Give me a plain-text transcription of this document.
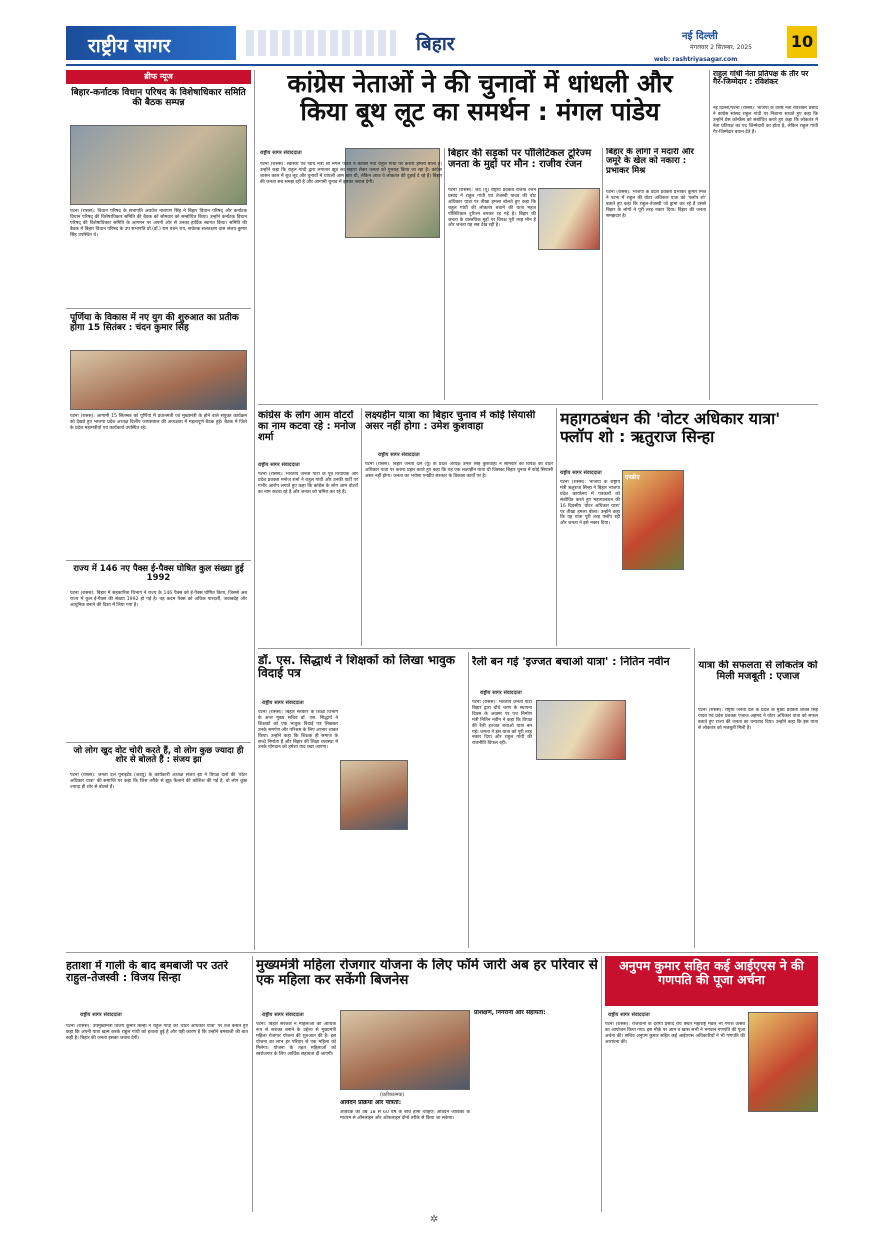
राष्ट्रीय सागर	बिहार	नई दिल्ली
मंगलवार 2 सितम्बर, 2025 10
web: rashtriyasagar.com
ब्रीफ न्यूज
बिहार-कर्नाटक विधान परिषद के विशेषाधिकार समिति की बैठक सम्पन्न
पटना (रासस): विधान परिषद के सभापति अवधेश नारायण सिंह ने बिहार विधान परिषद् और कर्नाटक विधान परिषद् की विशेषाधिकार समिति की बैठक को सोमवार को सम्बोधित किया। उन्होंने कर्नाटक विधान परिषद् की विशेषाधिकार समिति के आगमन पर अपनी ओर से उनका हार्दिक स्वागत किया। समिति की बैठक में बिहार विधान परिषद के उप सभापति प्रो.(डॉ.) राम वचन राय, सचेतक सलतक्षण दास संजय कुमार सिंह उपस्थित थे।
पूर्णिया के विकास में नए युग की शुरुआत का प्रतीक होगा 15 सितंबर : चंदन कुमार सिंह
पटना (रासस): आगामी 15 सितम्बर को पूर्णिया में प्रधानमंत्री एवं मुख्यमंत्री के होने वाले संयुक्त कार्यक्रम को देखते हुए भाजपा प्रदेश अध्यक्ष दिलीप जायसवाल की अध्यक्षता में महत्वपूर्ण बैठक हुई। बैठक में ज़िले के प्रदेश महामंत्रीयों एवं कार्यकर्ता उपस्थित रहे।
राज्य में 146 नए पैक्स ई-पैक्स घोषित कुल संख्या हुई 1992
पटना (रासस): बिहार में सहकारिता विभाग ने राज्य के 146 पैक्स को ई-पैक्स घोषित किया, जिससे अब राज्य में कुल ई-पैक्स की संख्या 1992 हो गई है। यह कदम पैक्स को अधिक पारदर्शी, जवाबदेह और आधुनिक बनाने की दिशा में लिया गया है।
जो लोग खुद वोट चोरी करते हैं, वो लोग कुछ ज्यादा ही शोर से बोलते हैं : संजय झा
पटना (रासस): जनता दल यूनाइटेड (जदयू) के कार्यकारी अध्यक्ष संजय झा ने विपक्ष दलों की 'वोटर अधिकार यात्रा' की समाप्ति पर कहा कि जिस तरीके से झूठ फैलाने की कोशिश की गई है, वो लोग कुछ ज्यादा ही शोर से बोलते हैं।
कांग्रेस नेताओं ने की चुनावों में धांधली और किया बूथ लूट का समर्थन : मंगल पांडेय
राष्ट्रीय सागर संवाददाता
पटना (रासस): स्वास्थ्य एवं विधि मंत्री श्री मंगल पांडेय ने कांग्रेस नेता राहुल गांधी पर करारा हमला बोला है। उन्होंने कहा कि राहुल गांधी द्वारा लगातार झूठ का सहारा लेकर जनता को गुमराह किया जा रहा है। कांग्रेस शासन काल में बूथ लूट और चुनावों में धांधली आम बात थी, लेकिन आज वे लोकतंत्र की दुहाई दे रहे हैं। बिहार की जनता सब समझ रही है और आगामी चुनाव में इसका जवाब देगी।
बिहार की सड़कों पर पॉलिटिकल टूरिज्म जनता के मुद्दों पर मौन : राजीव रंजन
पटना (रासस): जद (यू) राष्ट्रीय प्रवक्ता राजीव रंजन प्रसाद ने राहुल गांधी एवं तेजस्वी यादव की वोट अधिकार यात्रा पर तीखा हमला बोलते हुए कहा कि राहुल गांधी की लोकतंत्र बचाने की यात्रा महज पॉलिटिकल टूरिज्म बनकर रह गई है। बिहार की जनता के वास्तविक मुद्दों पर विपक्ष पूरी तरह मौन है और जनता यह सब देख रही है।
बिहार के लोगों ने मदारी और जमूरे के खेल को नकारा : प्रभाकर मिश्र
पटना (रासस): भाजपा के प्रदेश प्रवक्ता प्रभाकर कुमार मिश्र ने पटना में राहुल की वोटर अधिकार यात्रा को 'फ्लॉप शो' बताते हुए कहा कि राहुल-तेजस्वी जो ड्रामा कर रहे हैं उससे बिहार के लोगों ने पूरी तरह नकार दिया। बिहार की जनता समझदार है।
राहुल गांधी नेता प्रतिपक्ष के तौर पर गैर-जिम्मेदार : रविशंकर
नई दिल्ली/पटना (रासस): भाजपा के वरिष्ठ नेता रविशंकर प्रसाद ने कांग्रेस सांसद राहुल गांधी पर निशाना साधते हुए कहा कि उन्होंने प्रेस कॉन्फ्रेंस को संबोधित करते हुए कहा कि लोकतंत्र में नेता प्रतिपक्ष का पद जिम्मेदारी का होता है, लेकिन राहुल गांधी गैर-जिम्मेदार बयान देते हैं।
कांग्रेस के लोग आम वोटरों का नाम कटवा रहे : मनोज शर्मा
राष्ट्रीय सागर संवाददाता
पटना (रासस): भारतीय जनता पार्टी के पूर्व विधायक और प्रदेश प्रवक्ता मनोज शर्मा ने राहुल गांधी और उनकी पार्टी पर गंभीर आरोप लगाते हुए कहा कि कांग्रेस के लोग आम वोटरों का नाम कटवा रहे हैं और जनता को भ्रमित कर रहे हैं।
लक्ष्यहीन यात्रा का बिहार चुनाव में कोई सियासी असर नहीं होगा : उमेश कुशवाहा
राष्ट्रीय सागर संवाददाता
पटना (रासस): बिहार जनता दल (यू) के प्रदेश अध्यक्ष उमेश सिंह कुशवाहा ने सोमवार को विपक्ष की वोटर अधिकार यात्रा पर करारा प्रहार करते हुए कहा कि यह एक लक्ष्यहीन यात्रा थी जिसका बिहार चुनाव में कोई सियासी असर नहीं होगा। जनता का भरोसा एनडीए सरकार के विकास कार्यों पर है।
महागठबंधन की 'वोटर अधिकार यात्रा' फ्लॉप शो : ऋतुराज सिन्हा
राष्ट्रीय सागर संवाददाता
पटना (रासस): भाजपा के राष्ट्रीय मंत्री ऋतुराज सिन्हा ने बिहार भाजपा प्रदेश कार्यालय में पत्रकारों को संबोधित करते हुए महागठबंधन की 16 दिवसीय 'वोटर अधिकार यात्रा' पर तीखा हमला बोला। उन्होंने कहा कि यह यात्रा पूरी तरह फ्लॉप रही और जनता ने इसे नकार दिया।
एनडीए
डॉ. एस. सिद्धार्थ ने शिक्षकों को लिखा भावुक विदाई पत्र
राष्ट्रीय सागर संवाददाता
पटना (रासस): बिहार सरकार के शिक्षा विभाग के अपर मुख्य सचिव डॉ. एस. सिद्धार्थ ने शिक्षकों को एक भावुक विदाई पत्र लिखकर उनके समर्पण और परिश्रम के लिए आभार व्यक्त किया। उन्होंने कहा कि शिक्षक ही समाज के सच्चे निर्माता हैं और बिहार की शिक्षा व्यवस्था में उनके योगदान को हमेशा याद रखा जाएगा।
रैली बन गई 'इज्जत बचाओ यात्रा' : नितिन नवीन
राष्ट्रीय सागर संवाददाता
पटना (रासस): भारतीय जनता पार्टी बिहार द्वारा चौथे चरण के स्थापना दिवस के अवसर पर पथ निर्माण मंत्री नितिन नवीन ने कहा कि विपक्ष की रैली इज्जत बचाओ यात्रा बन गई। जनता ने इस यात्रा को पूरी तरह नकार दिया और राहुल गांधी की राजनीति विफल रही।
यात्रा की सफलता से लोकतंत्र को मिली मजबूती : एजाज
पटना (रासस): राष्ट्रीय जनता दल के प्रदेश के मुख्य प्रवक्ता शक्ति सिंह यादव एवं प्रदेश प्रवक्ता एजाज अहमद ने वोटर अधिकार यात्रा को सफल बताते हुए राज्य की जनता का धन्यवाद दिया। उन्होंने कहा कि इस यात्रा से लोकतंत्र को मजबूती मिली है।
हताशा में गाली के बाद बमबाजी पर उतरे राहुल-तेजस्वी : विजय सिन्हा
राष्ट्रीय सागर संवाददाता
पटना (रासस): उपमुख्यमंत्री विजय कुमार सिन्हा ने राहुल गांधी की 'वोटर अधिकार यात्रा' पर तंज कसते हुए कहा कि अपनी यात्रा खत्म करके राहुल गांधी को हताशा हुई है और यही कारण है कि उन्होंने बमबाजी की बात कही है। बिहार की जनता इसका जवाब देगी।
मुख्यमंत्री महिला रोजगार योजना के लिए फॉर्म जारी अब हर परिवार से एक महिला कर सकेंगी बिजनेस
राष्ट्रीय सागर संवाददाता
पटना: बिहार सरकार ने महिलाओं को आर्थिक रूप से सशक्त बनाने के उद्देश्य से मुख्यमंत्री महिला रोजगार योजना की शुरुआत की है। इस योजना का लाभ हर परिवार से एक महिला को मिलेगा। योजना के तहत महिलाओं को स्वरोजगार के लिए आर्थिक सहायता दी जाएगी।
(प्रतीकात्मक)
आवेदन प्रक्रिया और पात्रता:
आवेदक की उम्र 18 से 60 वर्ष के बीच होनी चाहिए। आवेदन जीविका के माध्यम से ऑनलाइन और ऑफलाइन दोनों तरीके से किया जा सकेगा।
प्रशिक्षण, निगरानी और सहायता:
अनुपम कुमार सहित कई आईएएस ने की गणपति की पूजा अर्चना
राष्ट्रीय सागर संवाददाता
पटना (रासस): राजधानी के दरोगा प्रसाद राय स्थित महाराष्ट्र मंडल भी गणेश उत्सव का आयोजन किया गया। इस मौके पर आम व खास सभी ने भगवान गणपति की पूजा अर्चना की। सचिव अनुपम कुमार सहित कई आईएएस अधिकारियों ने भी गणपति की आराधना की।
✲
